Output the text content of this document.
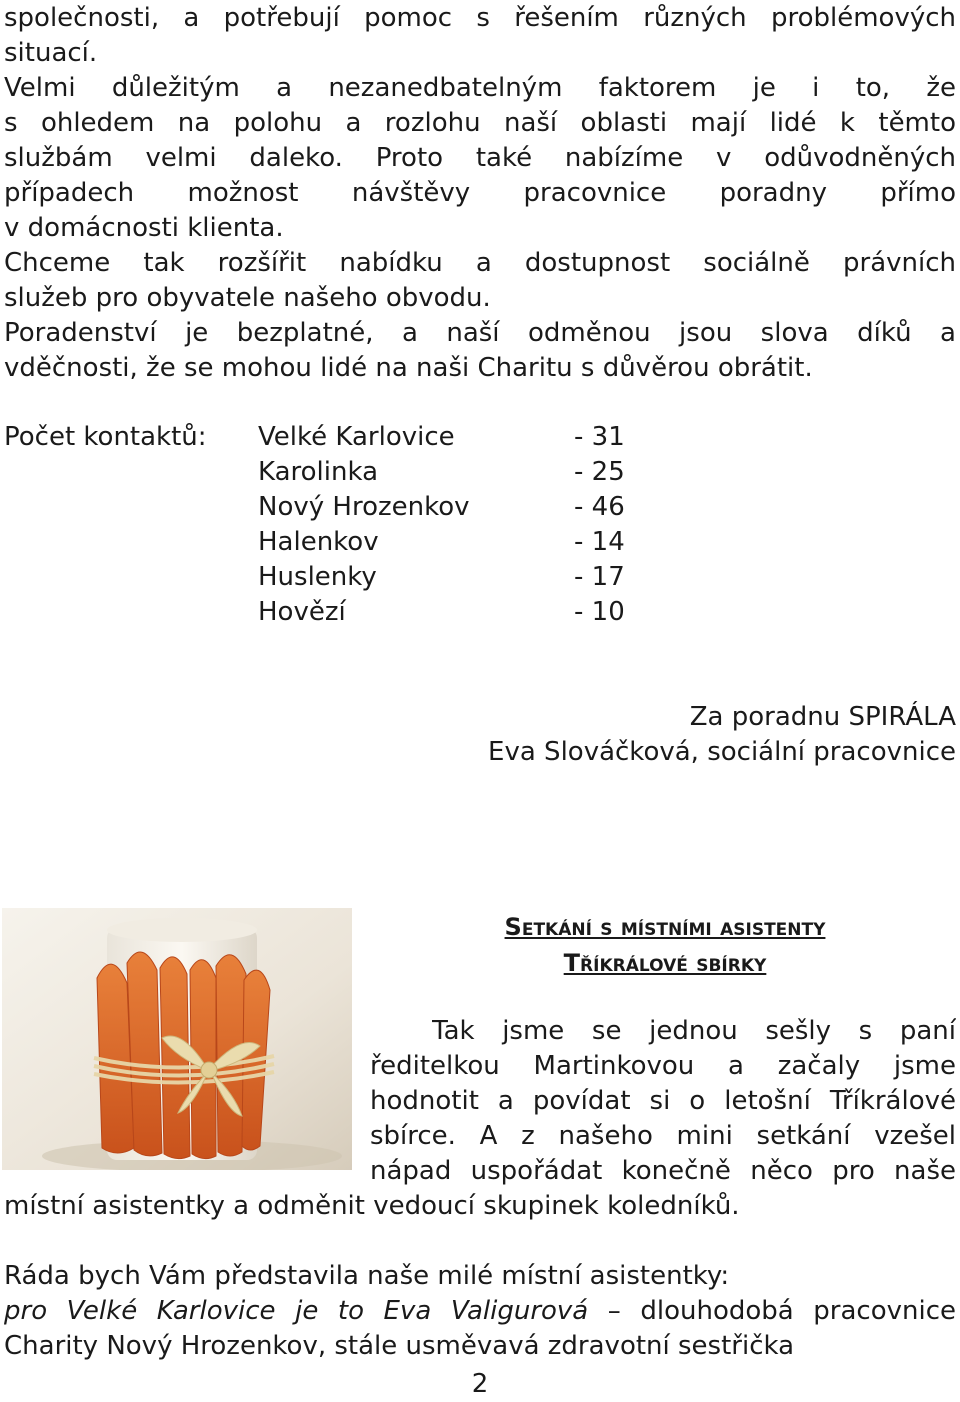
společnosti, a potřebují pomoc s řešením různých problémových
situací.
Velmi důležitým a nezanedbatelným faktorem je i to, že
s ohledem na polohu a rozlohu naší oblasti mají lidé k těmto
službám velmi daleko. Proto také nabízíme v odůvodněných
případech možnost návštěvy pracovnice poradny přímo
v domácnosti klienta.
Chceme tak rozšířit nabídku a dostupnost sociálně právních
služeb pro obyvatele našeho obvodu.
Poradenství je bezplatné, a naší odměnou jsou slova díků a
vděčnosti, že se mohou lidé na naši Charitu s důvěrou obrátit.
Počet kontaktů: Velké Karlovice	- 31
Karolinka	- 25
Nový Hrozenkov	- 46
Halenkov	- 14
Huslenky	- 17
Hovězí	- 10
Za poradnu SPIRÁLA
Eva Slováčková, sociální pracovnice
Setkání s místními asistenty
Tříkrálové sbírky
Tak jsme se jednou sešly s paní
ředitelkou Martinkovou a začaly jsme
hodnotit a povídat si o letošní Tříkrálové
sbírce. A z našeho mini setkání vzešel
nápad uspořádat konečně něco pro naše
místní asistentky a odměnit vedoucí skupinek koledníků.
Ráda bych Vám představila naše milé místní asistentky:
pro Velké Karlovice je to Eva Valigurová – dlouhodobá pracovnice
Charity Nový Hrozenkov, stále usměvavá zdravotní sestřička
2
